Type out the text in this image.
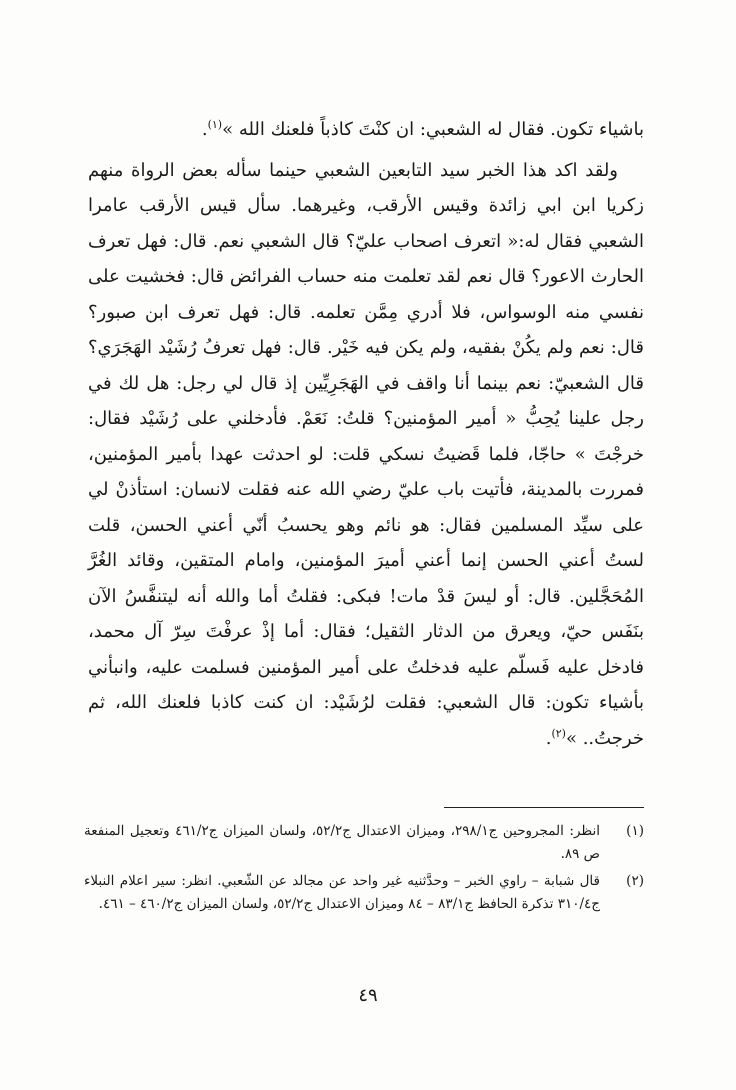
باشياء تكون. فقال له الشعبي: ان كنْتَ كاذباً فلعنك الله »$^{(١)}$.

ولقد اكد هذا الخبر سيد التابعين الشعبي حينما سأله بعض الرواة منهم زكريا ابن ابي زائدة وقيس الأرقب، وغيرهما. سأل قيس الأرقب عامرا الشعبي فقال له:« اتعرف اصحاب عليّ؟ قال الشعبي نعم. قال: فهل تعرف الحارث الاعور؟ قال نعم لقد تعلمت منه حساب الفرائض قال: فخشيت على نفسي منه الوسواس، فلا أدري مِمَّن تعلمه. قال: فهل تعرف ابن صبور؟ قال: نعم ولم يكُنْ بفقيه، ولم يكن فيه خَيْر. قال: فهل تعرفُ رُشَيْد الهَجَرَي؟ قال الشعبيّ: نعم بينما أنا واقف في الهَجَرِيِّين إذ قال لي رجل: هل لك في رجل علينا يُحِبُّ « أمير المؤمنين؟ قلتُ: نَعَمْ. فأدخلني على رُشَيْد فقال: خرجْتَ » حاجّا، فلما قَضيتُ نسكي قلت: لو احدثت عهدا بأمير المؤمنين، فمررت بالمدينة، فأتيت باب عليّ رضي الله عنه فقلت لانسان: استأذنْ لي على سيِّد المسلمين فقال: هو نائم وهو يحسبُ أنّي أعني الحسن، قلت لستُ أعني الحسن إنما أعني أميرَ المؤمنين، وامام المتقين، وقائد الغُرَّ المُحَجَّلين. قال: أو ليسَ قدْ مات! فبكى: فقلتُ أما والله أنه ليتنفَّسُ الآن بنَفَس حيّ، ويعرق من الدثار الثقيل؛ فقال: أما إذْ عرفْتَ سِرّ آل محمد، فادخل عليه فَسلّم عليه فدخلتُ على أمير المؤمنين فسلمت عليه، وانبأني بأشياء تكون: قال الشعبي: فقلت لرُشَيْد: ان كنت كاذبا فلعنك الله، ثم خرجتُ.. »$^{(٢)}$.

(١)
انظر: المجروحين ج٢٩٨/١، وميزان الاعتدال ج٥٢/٢، ولسان الميزان ج٤٦١/٢ وتعجيل المنفعة ص ٨٩.
(٢)
قال شبابة – راوي الخبر – وحدَّثنيه غير واحد عن مجالد عن الشّعبي. انظر: سير اعلام النبلاء ج٣١٠/٤ تذكرة الحافظ ج٨٣/١ – ٨٤ وميزان الاعتدال ج٥٢/٢، ولسان الميزان ج٤٦٠/٢ – ٤٦١.
٤٩
